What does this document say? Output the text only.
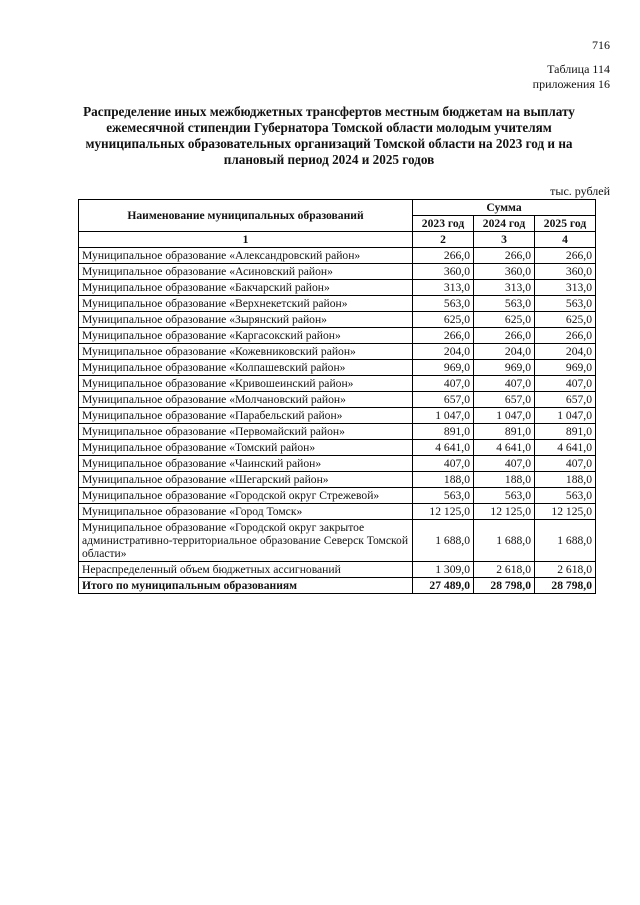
716
Таблица 114
приложения 16
Распределение иных межбюджетных трансфертов местным бюджетам на выплату ежемесячной стипендии Губернатора Томской области молодым учителям муниципальных образовательных организаций Томской области на 2023 год и на плановый период 2024 и 2025 годов
тыс. рублей
Наименование муниципальных образований	Сумма		
	2023 год	2024 год	2025 год
1	2	3	4
Муниципальное образование «Александровский район»	266,0	266,0	266,0
Муниципальное образование «Асиновский район»	360,0	360,0	360,0
Муниципальное образование «Бакчарский район»	313,0	313,0	313,0
Муниципальное образование «Верхнекетский район»	563,0	563,0	563,0
Муниципальное образование «Зырянский район»	625,0	625,0	625,0
Муниципальное образование «Каргасокский район»	266,0	266,0	266,0
Муниципальное образование «Кожевниковский район»	204,0	204,0	204,0
Муниципальное образование «Колпашевский район»	969,0	969,0	969,0
Муниципальное образование «Кривошеинский район»	407,0	407,0	407,0
Муниципальное образование «Молчановский район»	657,0	657,0	657,0
Муниципальное образование «Парабельский район»	1 047,0	1 047,0	1 047,0
Муниципальное образование «Первомайский район»	891,0	891,0	891,0
Муниципальное образование «Томский район»	4 641,0	4 641,0	4 641,0
Муниципальное образование «Чаинский район»	407,0	407,0	407,0
Муниципальное образование «Шегарский район»	188,0	188,0	188,0
Муниципальное образование «Городской округ Стрежевой»	563,0	563,0	563,0
Муниципальное образование «Город Томск»	12 125,0	12 125,0	12 125,0
Муниципальное образование «Городской округ закрытое административно-территориальное образование Северск Томской области»	1 688,0	1 688,0	1 688,0
Нераспределенный объем бюджетных ассигнований	1 309,0	2 618,0	2 618,0
Итого по муниципальным образованиям	27 489,0	28 798,0	28 798,0
